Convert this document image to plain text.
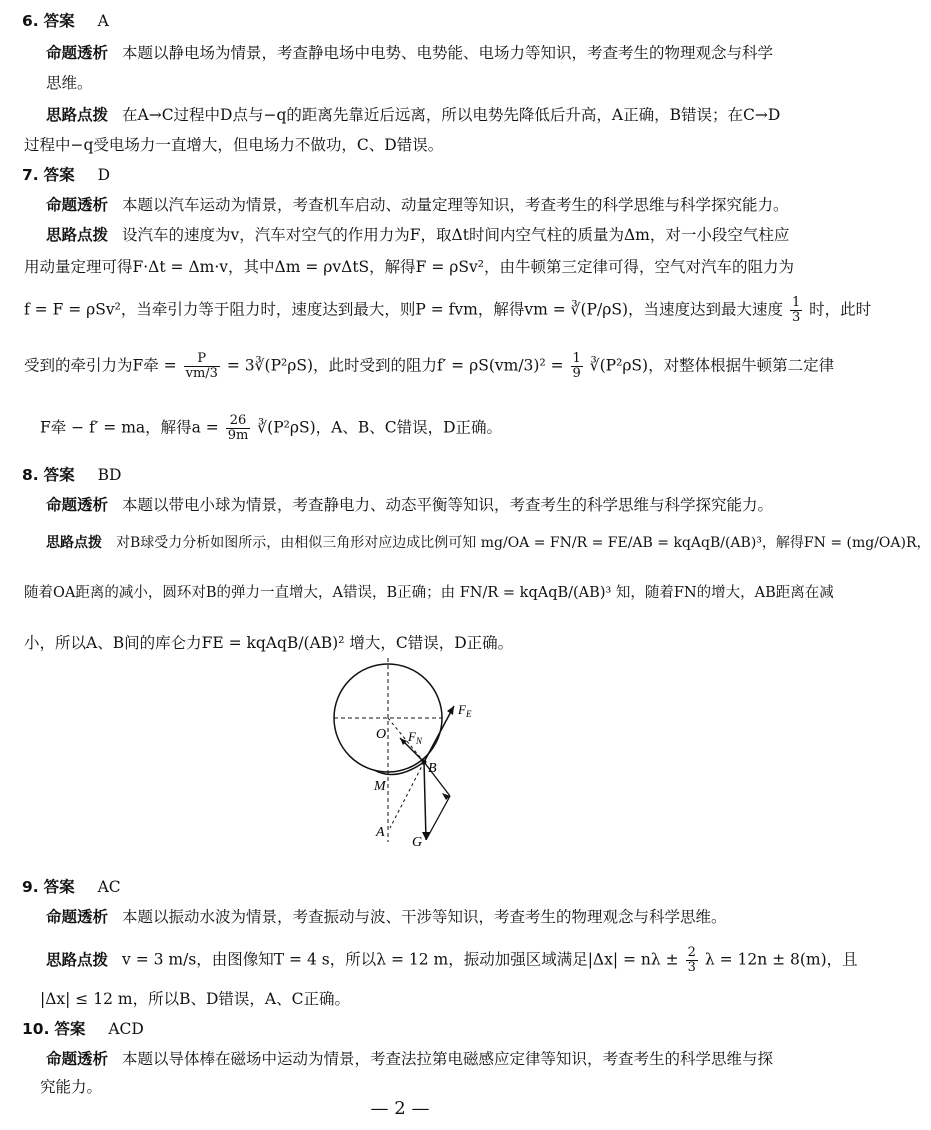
6. 答案 A
命题透析 本题以静电场为情景，考查静电场中电势、电势能、电场力等知识，考查考生的物理观念与科学
思维。
思路点拨 在A→C过程中D点与−q的距离先靠近后远离，所以电势先降低后升高，A正确，B错误；在C→D
过程中−q受电场力一直增大，但电场力不做功，C、D错误。
7. 答案 D
命题透析 本题以汽车运动为情景，考查机车启动、动量定理等知识，考查考生的科学思维与科学探究能力。
思路点拨 设汽车的速度为v，汽车对空气的作用力为F，取Δt时间内空气柱的质量为Δm，对一小段空气柱应
用动量定理可得F·Δt = Δm·v，其中Δm = ρvΔtS，解得F = ρSv²，由牛顿第三定律可得，空气对汽车的阻力为
f = F = ρSv²，当牵引力等于阻力时，速度达到最大，则P = fvm，解得vm = ∛(P/ρS)，当速度达到最大速度 $\frac{1}{3}$ 时，此时
受到的牵引力为F牵 = $\frac{P}{vm/3}$ = 3∛(P²ρS)，此时受到的阻力$f' = \rho S(vm/3)^2 = \frac{1}{9}$ ∛(P²ρS)，对整体根据牛顿第二定律
F牵 − f′ = ma，解得$a = \frac{26}{9m}$ ∛(P²ρS)，A、B、C错误，D正确。
8. 答案 BD
命题透析 本题以带电小球为情景，考查静电力、动态平衡等知识，考查考生的科学思维与科学探究能力。
思路点拨 对B球受力分析如图所示，由相似三角形对应边成比例可知 mg/OA = FN/R = FE/AB = kqAqB/(AB)³，解得FN = (mg/OA)R，
随着OA距离的减小，圆环对B的弹力一直增大，A错误，B正确；由 FN/R = kqAqB/(AB)³ 知，随着FN的增大，AB距离在减
小，所以A、B间的库仑力FE = kqAqB/(AB)² 增大，C错误，D正确。
O $F_N$
$F_E$
B
M
A
G
9. 答案 AC
命题透析 本题以振动水波为情景，考查振动与波、干涉等知识，考查考生的物理观念与科学思维。
思路点拨 v = 3 m/s，由图像知T = 4 s，所以λ = 12 m，振动加强区域满足$|\Delta x| = n\lambda \pm \frac{2}{3}$ λ = 12n ± 8(m)，且
|Δx| ≤ 12 m，所以B、D错误，A、C正确。
10. 答案 ACD
命题透析 本题以导体棒在磁场中运动为情景，考查法拉第电磁感应定律等知识，考查考生的科学思维与探
究能力。
— 2 —
